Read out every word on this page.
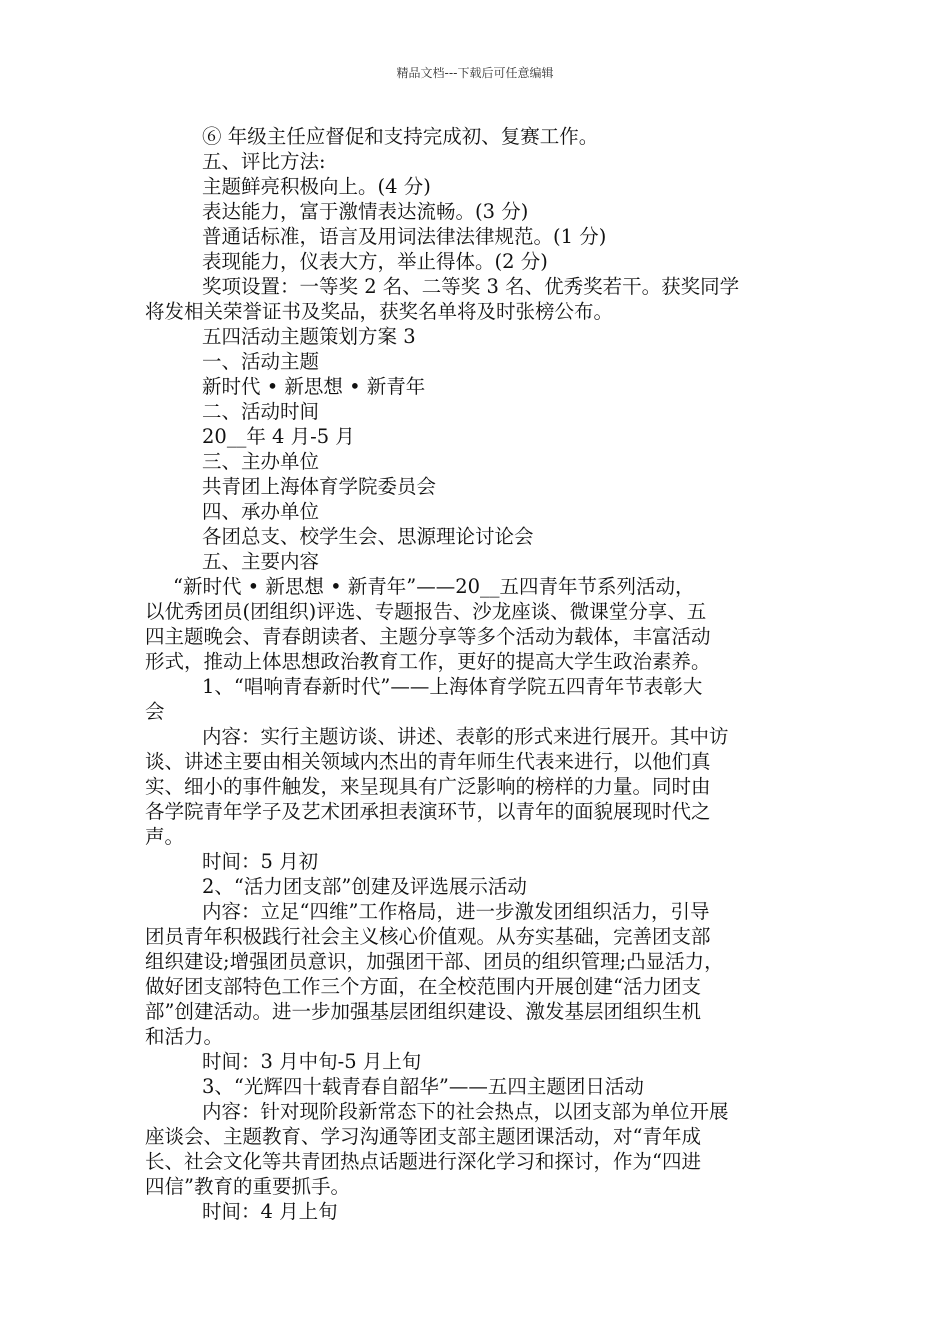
精品文档---下载后可任意编辑
⑥ 年级主任应督促和支持完成初、复赛工作。
五、评比方法:
主题鲜亮积极向上。(4 分)
表达能力，富于激情表达流畅。(3 分)
普通话标准，语言及用词法律法律规范。(1 分)
表现能力，仪表大方，举止得体。(2 分)
奖项设置：一等奖 2 名、二等奖 3 名、优秀奖若干。获奖同学
将发相关荣誉证书及奖品，获奖名单将及时张榜公布。
五四活动主题策划方案 3
一、活动主题
新时代 • 新思想 • 新青年
二、活动时间
20__年 4 月-5 月
三、主办单位
共青团上海体育学院委员会
四、承办单位
各团总支、校学生会、思源理论讨论会
五、主要内容
“新时代 • 新思想 • 新青年”——20__五四青年节系列活动，
以优秀团员(团组织)评选、专题报告、沙龙座谈、微课堂分享、五
四主题晚会、青春朗读者、主题分享等多个活动为载体，丰富活动
形式，推动上体思想政治教育工作，更好的提高大学生政治素养。
1、“唱响青春新时代”——上海体育学院五四青年节表彰大
会
内容：实行主题访谈、讲述、表彰的形式来进行展开。其中访
谈、讲述主要由相关领域内杰出的青年师生代表来进行，以他们真
实、细小的事件触发，来呈现具有广泛影响的榜样的力量。同时由
各学院青年学子及艺术团承担表演环节，以青年的面貌展现时代之
声。
时间：5 月初
2、“活力团支部”创建及评选展示活动
内容：立足“四维”工作格局，进一步激发团组织活力，引导
团员青年积极践行社会主义核心价值观。从夯实基础，完善团支部
组织建设;增强团员意识，加强团干部、团员的组织管理;凸显活力，
做好团支部特色工作三个方面，在全校范围内开展创建“活力团支
部”创建活动。进一步加强基层团组织建设、激发基层团组织生机
和活力。
时间：3 月中旬-5 月上旬
3、“光辉四十载青春自韶华”——五四主题团日活动
内容：针对现阶段新常态下的社会热点，以团支部为单位开展
座谈会、主题教育、学习沟通等团支部主题团课活动，对“青年成
长、社会文化等共青团热点话题进行深化学习和探讨，作为“四进
四信”教育的重要抓手。
时间：4 月上旬
